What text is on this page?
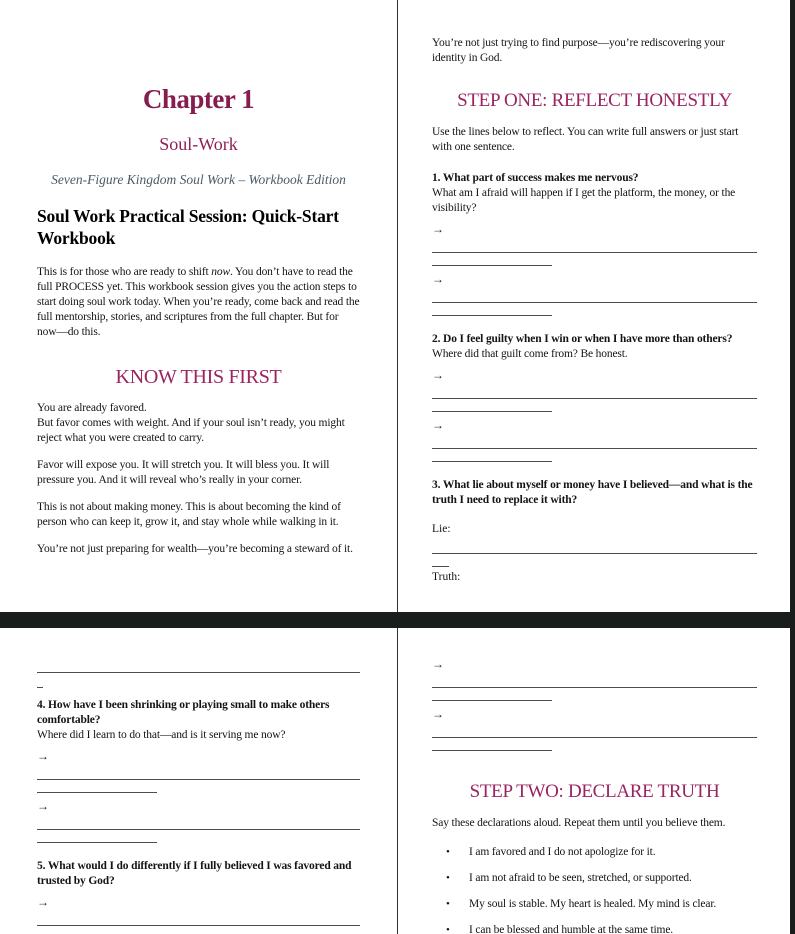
Chapter 1
Soul-Work
Seven-Figure Kingdom Soul Work – Workbook Edition
Soul Work Practical Session: Quick-Start Workbook

This is for those who are ready to shift now. You don’t have to read the full PROCESS yet. This workbook session gives you the action steps to start doing soul work today. When you’re ready, come back and read the full mentorship, stories, and scriptures from the full chapter. But for now—do this.

KNOW THIS FIRST

You are already favored.
But favor comes with weight. And if your soul isn’t ready, you might reject what you were created to carry.

Favor will expose you. It will stretch you. It will bless you. It will pressure you. And it will reveal who’s really in your corner.

This is not about making money. This is about becoming the kind of person who can keep it, grow it, and stay whole while walking in it.

You’re not just preparing for wealth—you’re becoming a steward of it.

You’re not just trying to find purpose—you’re rediscovering your identity in God.

STEP ONE: REFLECT HONESTLY

Use the lines below to reflect. You can write full answers or just start with one sentence.

1. What part of success makes me nervous?

What am I afraid will happen if I get the platform, the money, or the visibility?

→
→

2. Do I feel guilty when I win or when I have more than others?

Where did that guilt come from? Be honest.

→
→

3. What lie about myself or money have I believed—and what is the truth I need to replace it with?

Lie:
Truth:

4. How have I been shrinking or playing small to make others comfortable?

Where did I learn to do that—and is it serving me now?

→
→

5. What would I do differently if I fully believed I was favored and trusted by God?

→
→
→
STEP TWO: DECLARE TRUTH

Say these declarations aloud. Repeat them until you believe them.

•	I am favored and I do not apologize for it.
•	I am not afraid to be seen, stretched, or supported.
•	My soul is stable. My heart is healed. My mind is clear.
•	I can be blessed and humble at the same time.
